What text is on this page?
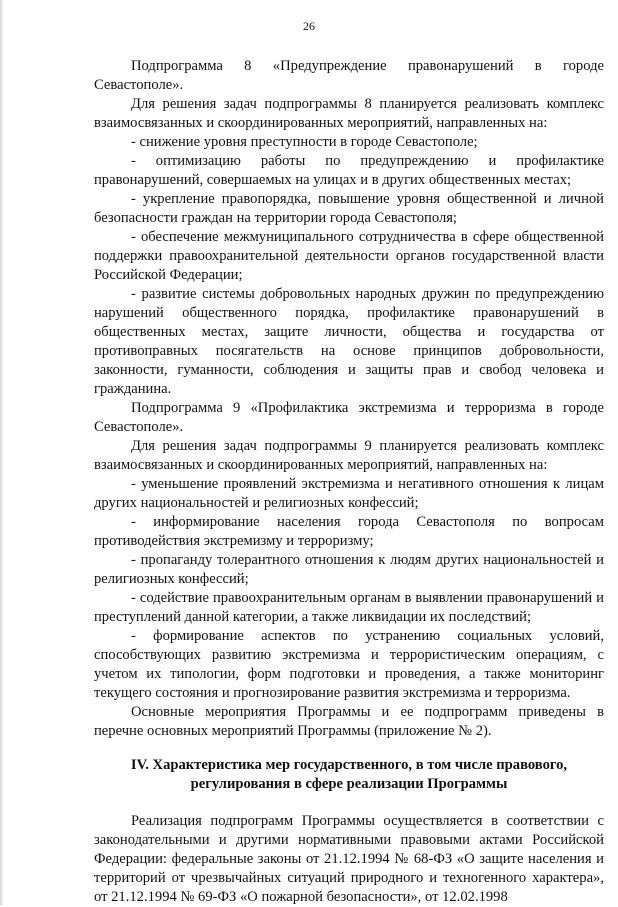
26

Подпрограмма 8 «Предупреждение правонарушений в городе Севастополе».

Для решения задач подпрограммы 8 планируется реализовать комплекс взаимосвязанных и скоординированных мероприятий, направленных на:

- снижение уровня преступности в городе Севастополе;

- оптимизацию работы по предупреждению и профилактике правонарушений, совершаемых на улицах и в других общественных местах;

- укрепление правопорядка, повышение уровня общественной и личной безопасности граждан на территории города Севастополя;

- обеспечение межмуниципального сотрудничества в сфере общественной поддержки правоохранительной деятельности органов государственной власти Российской Федерации;

- развитие системы добровольных народных дружин по предупреждению нарушений общественного порядка, профилактике правонарушений в общественных местах, защите личности, общества и государства от противоправных посягательств на основе принципов добровольности, законности, гуманности, соблюдения и защиты прав и свобод человека и гражданина.

Подпрограмма 9 «Профилактика экстремизма и терроризма в городе Севастополе».

Для решения задач подпрограммы 9 планируется реализовать комплекс взаимосвязанных и скоординированных мероприятий, направленных на:

- уменьшение проявлений экстремизма и негативного отношения к лицам других национальностей и религиозных конфессий;

- информирование населения города Севастополя по вопросам противодействия экстремизму и терроризму;

- пропаганду толерантного отношения к людям других национальностей и религиозных конфессий;

- содействие правоохранительным органам в выявлении правонарушений и преступлений данной категории, а также ликвидации их последствий;

- формирование аспектов по устранению социальных условий, способствующих развитию экстремизма и террористическим операциям, с учетом их типологии, форм подготовки и проведения, а также мониторинг текущего состояния и прогнозирование развития экстремизма и терроризма.

Основные мероприятия Программы и ее подпрограмм приведены в перечне основных мероприятий Программы (приложение № 2).

IV. Характеристика мер государственного, в том числе правового,

регулирования в сфере реализации Программы

Реализация подпрограмм Программы осуществляется в соответствии с законодательными и другими нормативными правовыми актами Российской Федерации: федеральные законы от 21.12.1994 № 68-ФЗ «О защите населения и территорий от чрезвычайных ситуаций природного и техногенного характера», от 21.12.1994 № 69-ФЗ «О пожарной безопасности», от 12.02.1998
